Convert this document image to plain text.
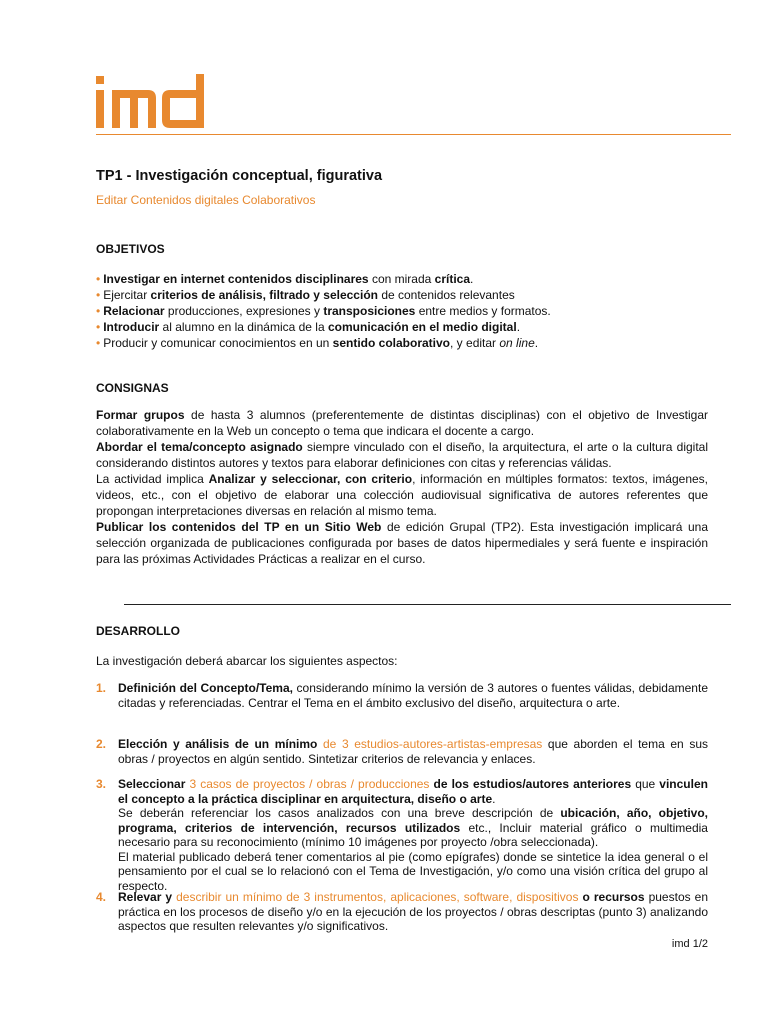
TP1 - Investigación conceptual, figurativa

Editar Contenidos digitales Colaborativos

OBJETIVOS
• Investigar en internet contenidos disciplinares con mirada crítica.
• Ejercitar criterios de análisis, filtrado y selección de contenidos relevantes
• Relacionar producciones, expresiones y transposiciones entre medios y formatos.
• Introducir al alumno en la dinámica de la comunicación en el medio digital.
• Producir y comunicar conocimientos en un sentido colaborativo, y editar on line.
CONSIGNAS
Formar grupos de hasta 3 alumnos (preferentemente de distintas disciplinas) con el objetivo de Investigar colaborativamente en la Web un concepto o tema que indicara el docente a cargo.
Abordar el tema/concepto asignado siempre vinculado con el diseño, la arquitectura, el arte o la cultura digital considerando distintos autores y textos para elaborar definiciones con citas y referencias válidas.
La actividad implica Analizar y seleccionar, con criterio, información en múltiples formatos: textos, imágenes, videos, etc., con el objetivo de elaborar una colección audiovisual significativa de autores referentes que propongan interpretaciones diversas en relación al mismo tema.
Publicar los contenidos del TP en un Sitio Web de edición Grupal (TP2). Esta investigación implicará una selección organizada de publicaciones configurada por bases de datos hipermediales y será fuente e inspiración para las próximas Actividades Prácticas a realizar en el curso.
DESARROLLO

La investigación deberá abarcar los siguientes aspectos:

1. Definición del Concepto/Tema, considerando mínimo la versión de 3 autores o fuentes válidas, debidamente citadas y referenciadas. Centrar el Tema en el ámbito exclusivo del diseño, arquitectura o arte.
2. Elección y análisis de un mínimo de 3 estudios-autores-artistas-empresas que aborden el tema en sus obras / proyectos en algún sentido. Sintetizar criterios de relevancia y enlaces.
3. Seleccionar 3 casos de proyectos / obras / producciones de los estudios/autores anteriores que vinculen el concepto a la práctica disciplinar en arquitectura, diseño o arte.
Se deberán referenciar los casos analizados con una breve descripción de ubicación, año, objetivo, programa, criterios de intervención, recursos utilizados etc., Incluir material gráfico o multimedia necesario para su reconocimiento (mínimo 10 imágenes por proyecto /obra seleccionada).
El material publicado deberá tener comentarios al pie (como epígrafes) donde se sintetice la idea general o el pensamiento por el cual se lo relacionó con el Tema de Investigación, y/o como una visión crítica del grupo al respecto.
4. Relevar y describir un mínimo de 3 instrumentos, aplicaciones, software, dispositivos o recursos puestos en práctica en los procesos de diseño y/o en la ejecución de los proyectos / obras descriptas (punto 3) analizando aspectos que resulten relevantes y/o significativos.
imd 1/2
